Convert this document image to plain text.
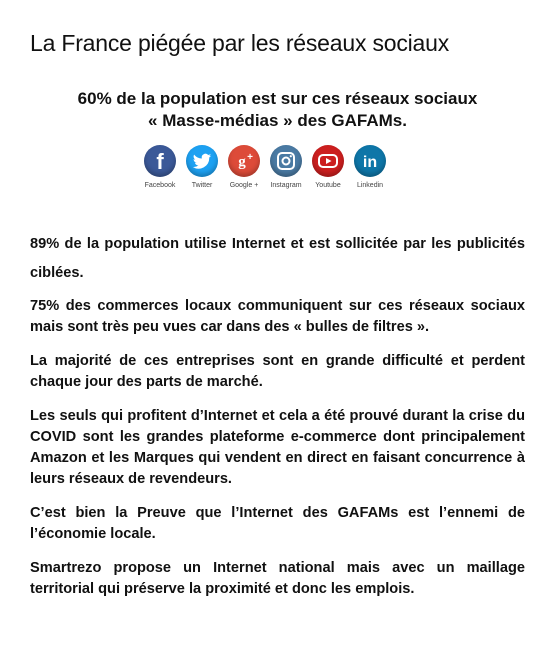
La France piégée par les réseaux sociaux
60% de la population est sur ces réseaux sociaux
« Masse-médias » des GAFAMs.
f
Facebook Twitter
g +
Google + Instagram Youtube
in
Linkedin

89% de la population utilise Internet et est sollicitée par les publicités ciblées.

75% des commerces locaux communiquent sur ces réseaux sociaux mais sont très peu vues car dans des « bulles de filtres ».

La majorité de ces entreprises sont en grande difficulté et perdent chaque jour des parts de marché.

Les seuls qui profitent d’Internet et cela a été prouvé durant la crise du COVID sont les grandes plateforme e-commerce dont principalement Amazon et les Marques qui vendent en direct en faisant concurrence à leurs réseaux de revendeurs.

C’est bien la Preuve que l’Internet des GAFAMs est l’ennemi de l’économie locale.

Smartrezo propose un Internet national mais avec un maillage territorial qui préserve la proximité et donc les emplois.
